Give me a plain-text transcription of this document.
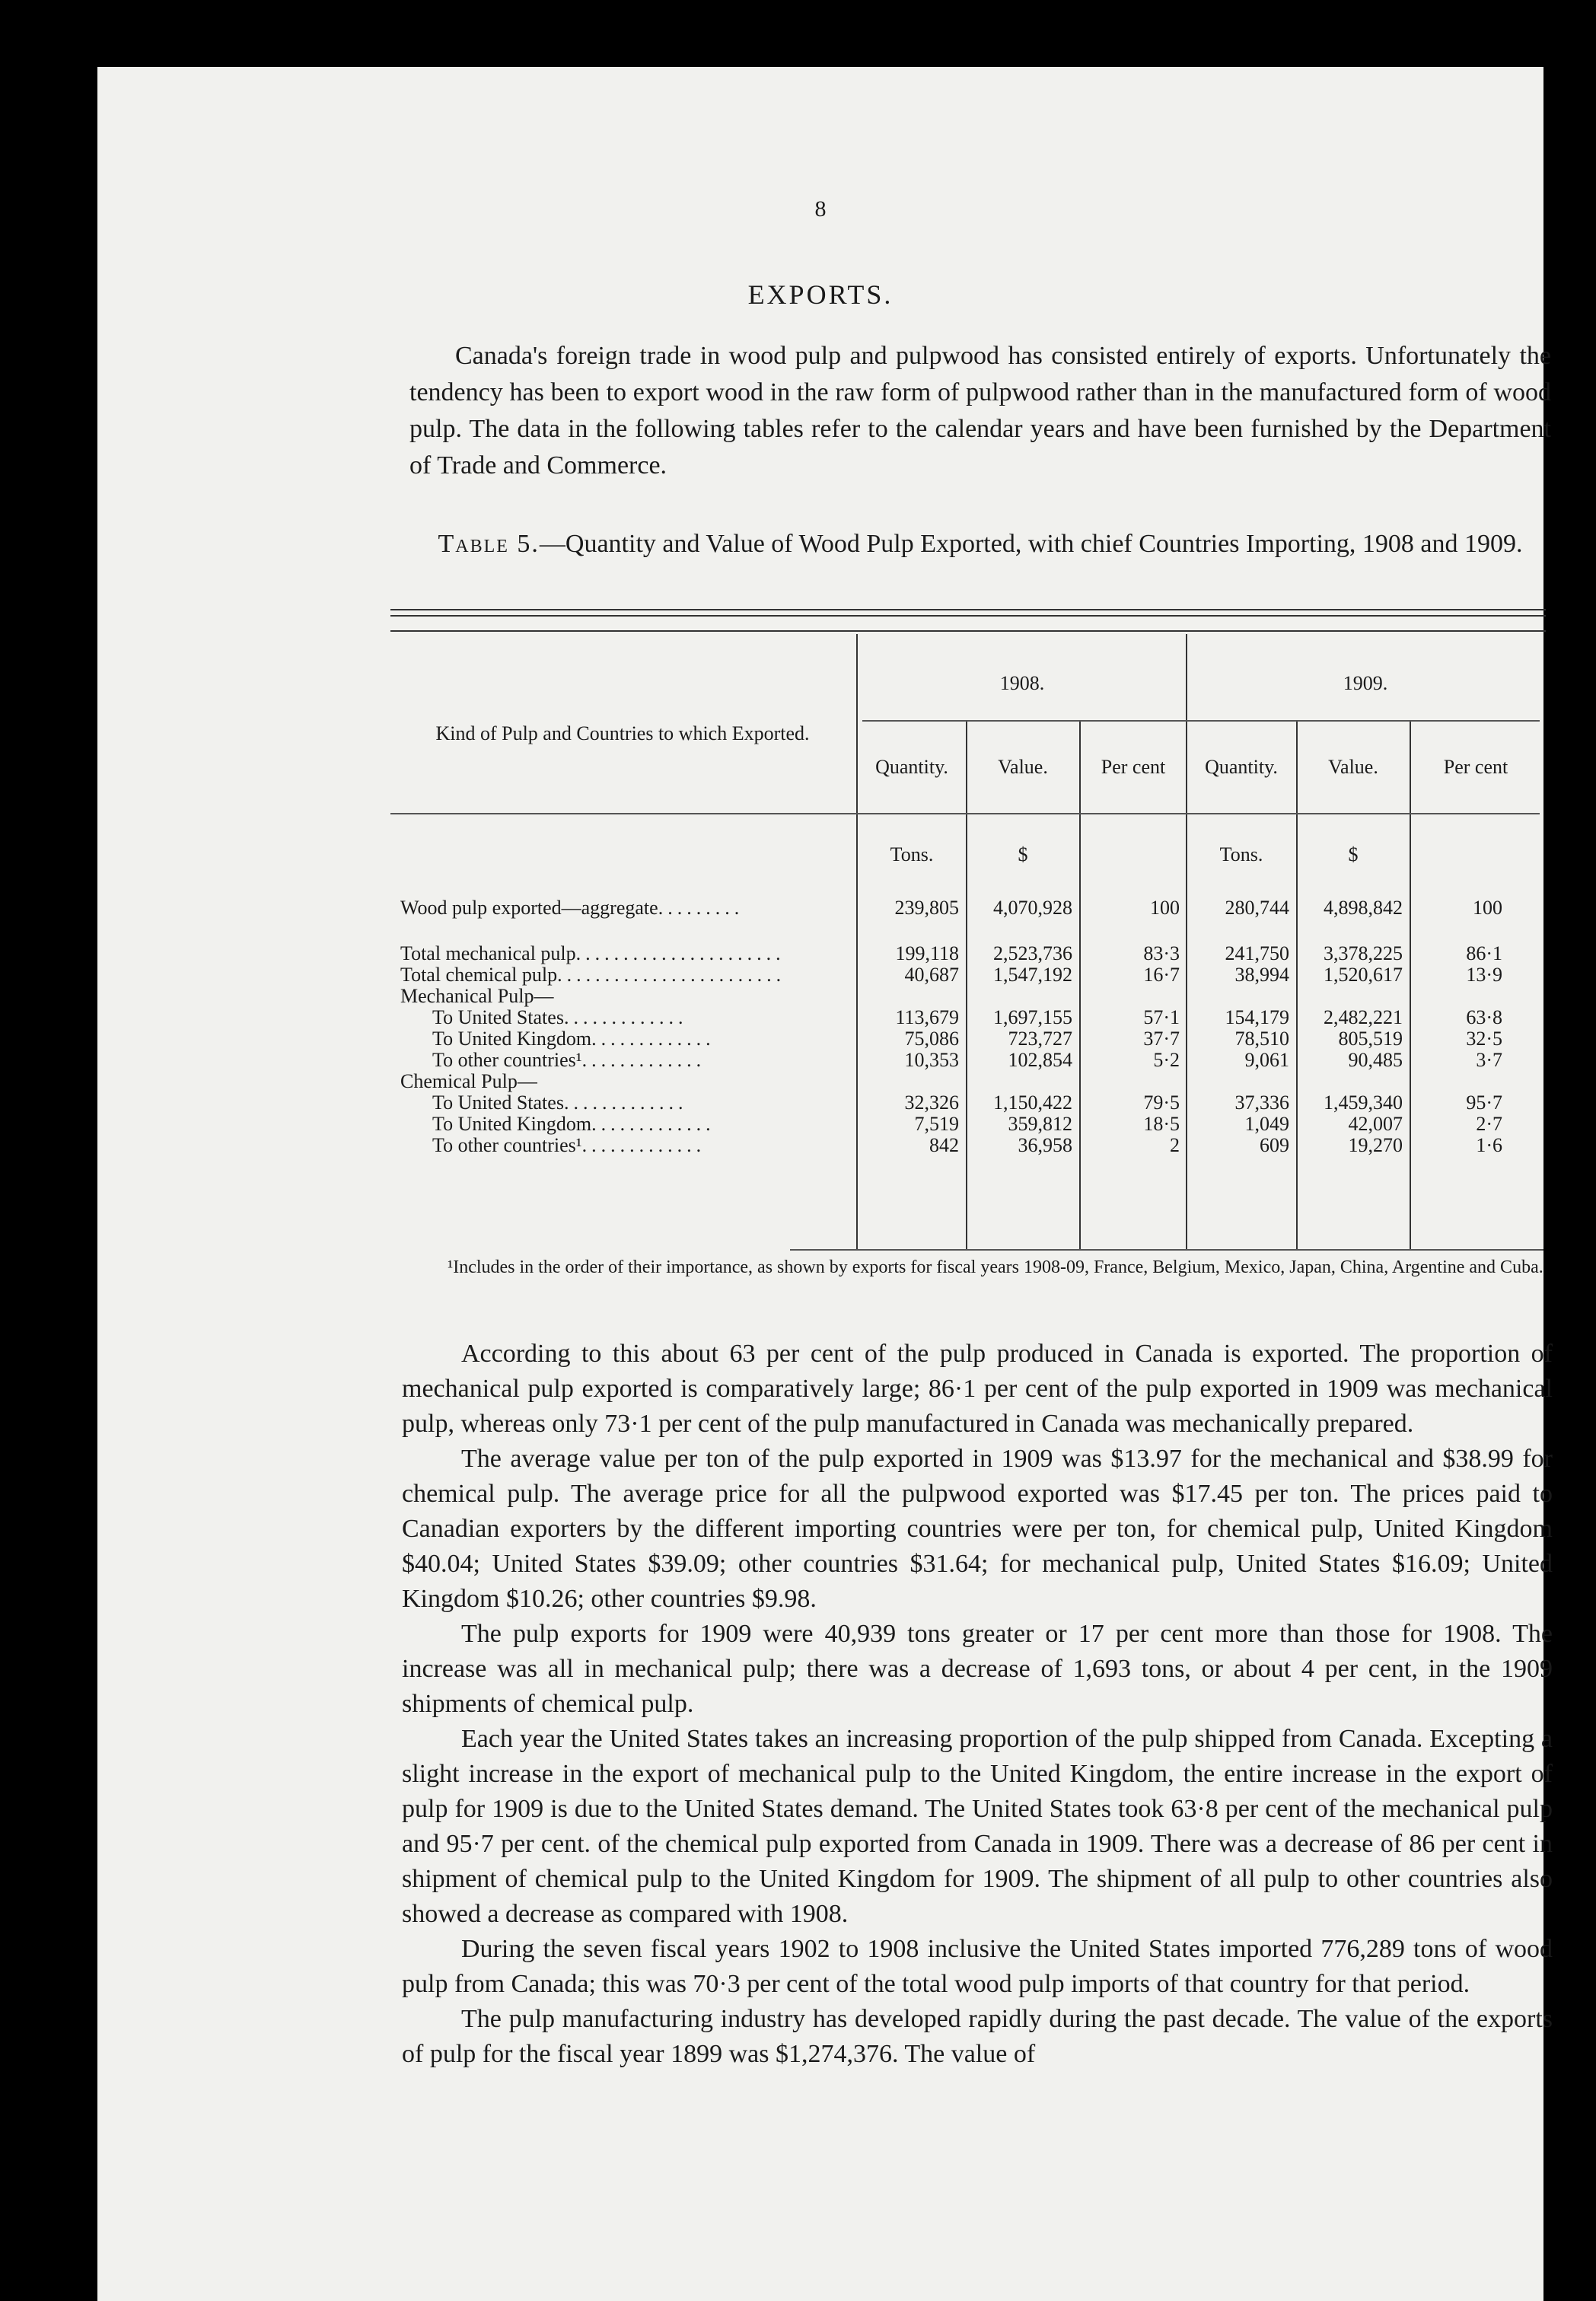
8
EXPORTS.

Canada's foreign trade in wood pulp and pulpwood has consisted entirely of exports. Unfortunately the tendency has been to export wood in the raw form of pulpwood rather than in the manufactured form of wood pulp. The data in the following tables refer to the calendar years and have been furnished by the Department of Trade and Commerce.

Table 5.—Quantity and Value of Wood Pulp Exported, with chief Countries Importing, 1908 and 1909.

Kind of Pulp and Countries to which Exported.
1908.	1909.
Quantity.	Value.	Per cent	Quantity.	Value.	Per cent
Tons.	$	Tons.	$
Wood pulp exported—aggregate.........	239,805	4,070,928	100	280,744	4,898,842	100
Total mechanical pulp......................	199,118	2,523,736	83·3	241,750	3,378,225	86·1
Total chemical pulp........................	40,687	1,547,192	16·7	38,994	1,520,617	13·9
Mechanical Pulp—
To United States.............	113,679	1,697,155	57·1	154,179	2,482,221	63·8
To United Kingdom.............	75,086	723,727	37·7	78,510	805,519	32·5
To other countries¹.............	10,353	102,854	5·2	9,061	90,485	3·7
Chemical Pulp—
To United States.............	32,326	1,150,422	79·5	37,336	1,459,340	95·7
To United Kingdom.............	7,519	359,812	18·5	1,049	42,007	2·7
To other countries¹.............	842	36,958	2	609	19,270	1·6

¹Includes in the order of their importance, as shown by exports for fiscal years 1908-09, France, Belgium, Mexico, Japan, China, Argentine and Cuba.

According to this about 63 per cent of the pulp produced in Canada is exported. The proportion of mechanical pulp exported is comparatively large; 86·1 per cent of the pulp exported in 1909 was mechanical pulp, whereas only 73·1 per cent of the pulp manufactured in Canada was mechanically prepared.

The average value per ton of the pulp exported in 1909 was $13.97 for the mechanical and $38.99 for chemical pulp. The average price for all the pulpwood exported was $17.45 per ton. The prices paid to Canadian exporters by the different importing countries were per ton, for chemical pulp, United Kingdom $40.04; United States $39.09; other countries $31.64; for mechanical pulp, United States $16.09; United Kingdom $10.26; other countries $9.98.

The pulp exports for 1909 were 40,939 tons greater or 17 per cent more than those for 1908. The increase was all in mechanical pulp; there was a decrease of 1,693 tons, or about 4 per cent, in the 1909 shipments of chemical pulp.

Each year the United States takes an increasing proportion of the pulp shipped from Canada. Excepting a slight increase in the export of mechanical pulp to the United Kingdom, the entire increase in the export of pulp for 1909 is due to the United States demand. The United States took 63·8 per cent of the mechanical pulp and 95·7 per cent. of the chemical pulp exported from Canada in 1909. There was a decrease of 86 per cent in shipment of chemical pulp to the United Kingdom for 1909. The shipment of all pulp to other countries also showed a decrease as compared with 1908.

During the seven fiscal years 1902 to 1908 inclusive the United States imported 776,289 tons of wood pulp from Canada; this was 70·3 per cent of the total wood pulp imports of that country for that period.

The pulp manufacturing industry has developed rapidly during the past decade. The value of the exports of pulp for the fiscal year 1899 was $1,274,376. The value of
